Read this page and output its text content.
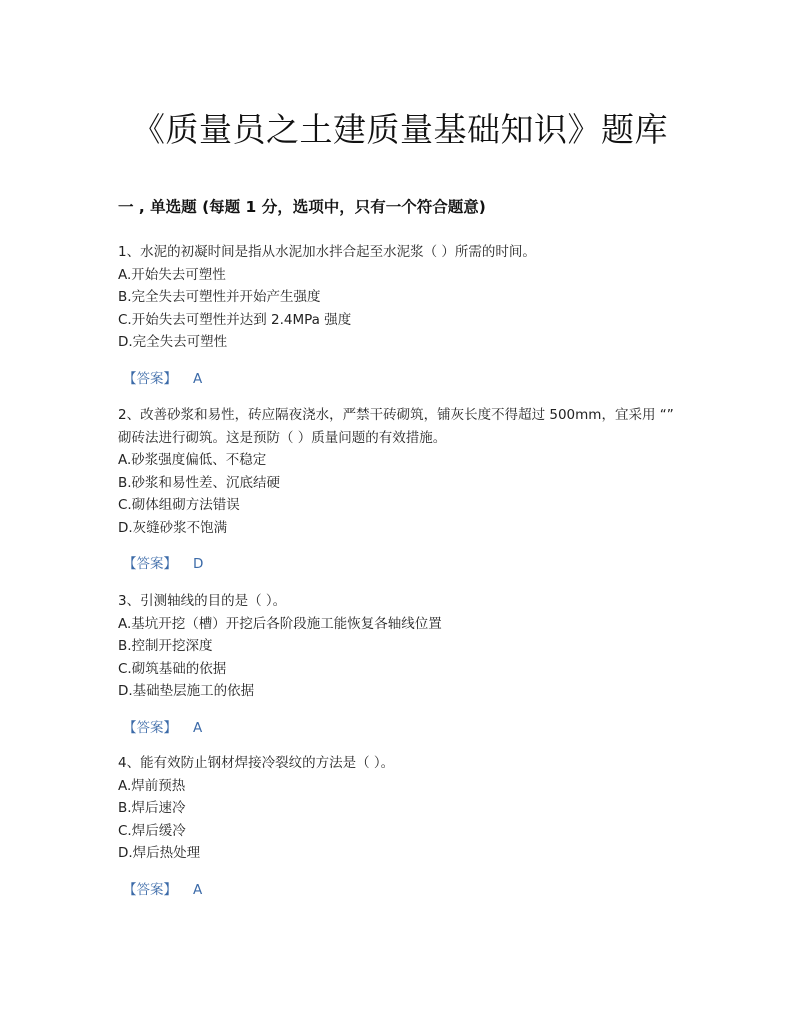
《质量员之土建质量基础知识》题库
一 , 单选题 (每题 1 分，选项中，只有一个符合题意)
1、水泥的初凝时间是指从水泥加水拌合起至水泥浆（ ）所需的时间。
A.开始失去可塑性
B.完全失去可塑性并开始产生强度
C.开始失去可塑性并达到 2.4MPa 强度
D.完全失去可塑性
【答案】 A
2、改善砂浆和易性，砖应隔夜浇水，严禁干砖砌筑，铺灰长度不得超过 500mm，宜采用 “” 砌砖法进行砌筑。这是预防（ ）质量问题的有效措施。
A.砂浆强度偏低、不稳定
B.砂浆和易性差、沉底结硬
C.砌体组砌方法错误
D.灰缝砂浆不饱满
【答案】 D
3、引测轴线的目的是（ ）。
A.基坑开挖（槽）开挖后各阶段施工能恢复各轴线位置
B.控制开挖深度
C.砌筑基础的依据
D.基础垫层施工的依据
【答案】 A
4、能有效防止钢材焊接冷裂纹的方法是（ ）。
A.焊前预热
B.焊后速冷
C.焊后缓冷
D.焊后热处理
【答案】 A
